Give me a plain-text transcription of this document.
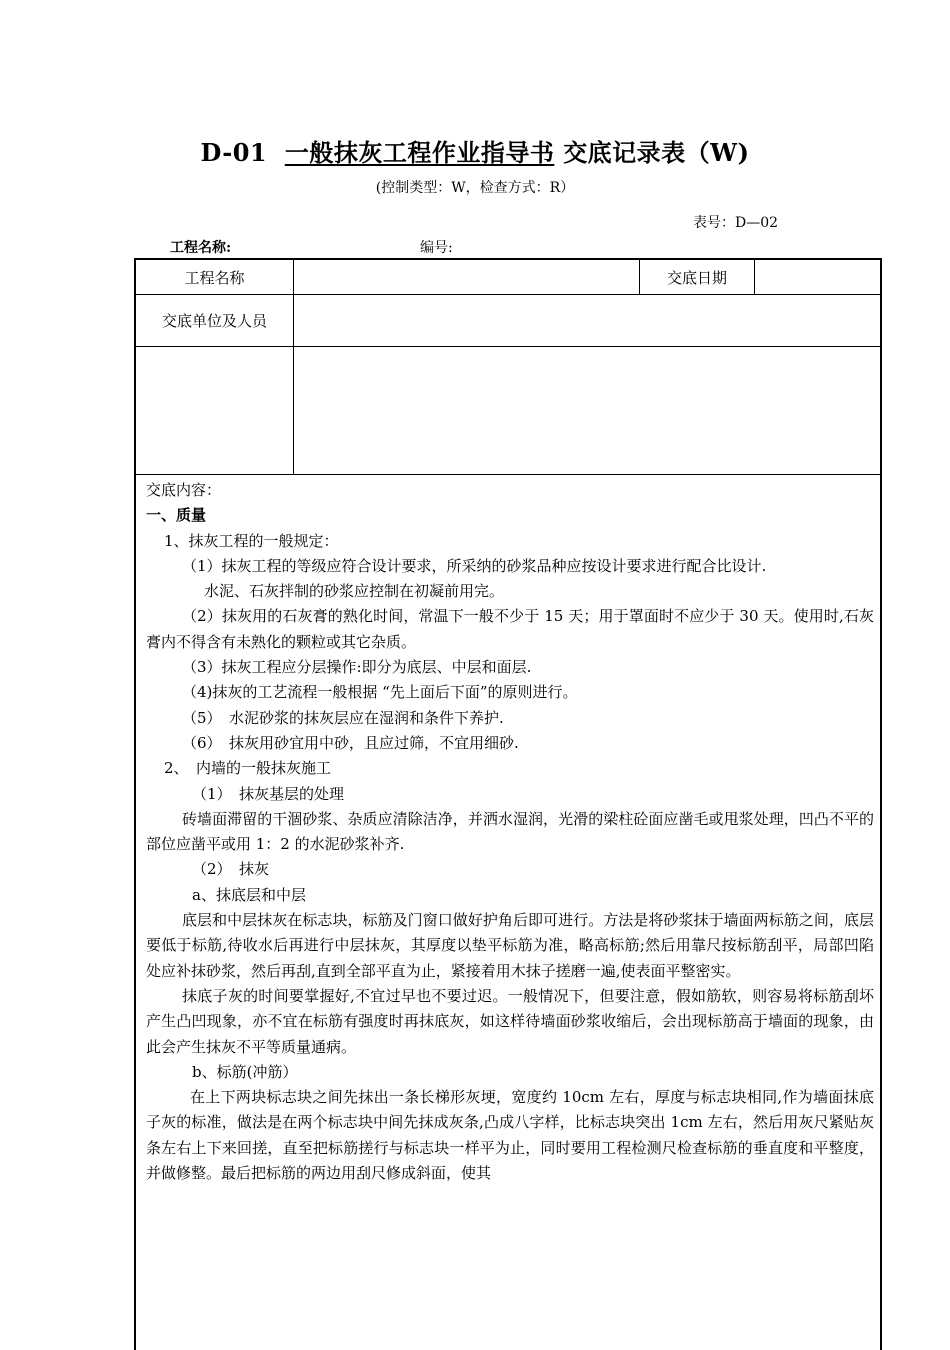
D-01 一般抹灰工程作业指导书 交底记录表（W)
(控制类型：W，检查方式：R）
表号：D—02
工程名称:	编号:
工程名称	交底日期
交底单位及人员

交底内容：

一、质量

1、抹灰工程的一般规定：

（1）抹灰工程的等级应符合设计要求，所采纳的砂浆品种应按设计要求进行配合比设计.

水泥、石灰拌制的砂浆应控制在初凝前用完。

（2）抹灰用的石灰膏的熟化时间，常温下一般不少于 15 天；用于罩面时不应少于 30 天。使用时,石灰膏内不得含有未熟化的颗粒或其它杂质。

（3）抹灰工程应分层操作:即分为底层、中层和面层.

（4)抹灰的工艺流程一般根据 “先上面后下面”的原则进行。

（5）　水泥砂浆的抹灰层应在湿润和条件下养护.

（6）　抹灰用砂宜用中砂，且应过筛，不宜用细砂.

2、　内墙的一般抹灰施工

（1）　抹灰基层的处理

砖墙面滞留的干涸砂浆、杂质应清除洁净，并洒水湿润，光滑的梁柱砼面应凿毛或甩浆处理，凹凸不平的部位应凿平或用 1：2 的水泥砂浆补齐.

（2）　抹灰

a、抹底层和中层

底层和中层抹灰在标志块，标筋及门窗口做好护角后即可进行。方法是将砂浆抹于墙面两标筋之间，底层要低于标筋,待收水后再进行中层抹灰，其厚度以垫平标筋为准，略高标筋;然后用靠尺按标筋刮平，局部凹陷处应补抹砂浆，然后再刮,直到全部平直为止，紧接着用木抹子搓磨一遍,使表面平整密实。

抹底子灰的时间要掌握好,不宜过早也不要过迟。一般情况下，但要注意，假如筋软，则容易将标筋刮坏产生凸凹现象，亦不宜在标筋有强度时再抹底灰，如这样待墙面砂浆收缩后，会出现标筋高于墙面的现象，由此会产生抹灰不平等质量通病。

b、标筋(冲筋）

在上下两块标志块之间先抹出一条长梯形灰埂，宽度约 10cm 左右，厚度与标志块相同,作为墙面抹底子灰的标准，做法是在两个标志块中间先抹成灰条,凸成八字样，比标志块突出 1cm 左右，然后用灰尺紧贴灰条左右上下来回搓，直至把标筋搓行与标志块一样平为止，同时要用工程检测尺检查标筋的垂直度和平整度，并做修整。最后把标筋的两边用刮尺修成斜面，使其
